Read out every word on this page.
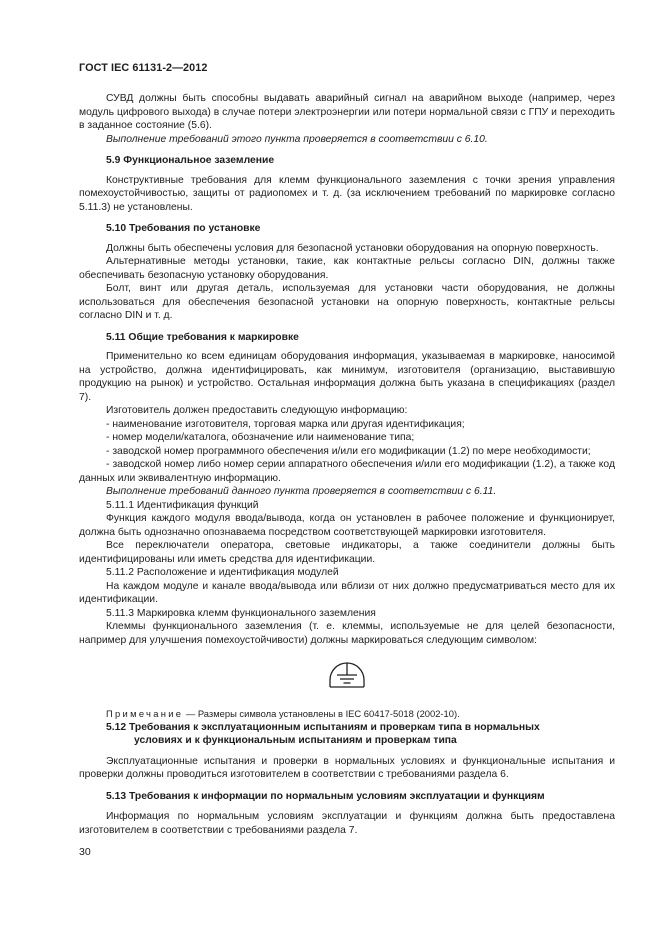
ГОСТ IEC 61131-2—2012

СУВД должны быть способны выдавать аварийный сигнал на аварийном выходе (например, через модуль цифрового выхода) в случае потери электроэнергии или потери нормальной связи с ГПУ и переходить в заданное состояние (5.6).

Выполнение требований этого пункта проверяется в соответствии с 6.10.

5.9 Функциональное заземление

Конструктивные требования для клемм функционального заземления с точки зрения управления помехоустойчивостью, защиты от радиопомех и т. д. (за исключением требований по маркировке согласно 5.11.3) не установлены.

5.10 Требования по установке

Должны быть обеспечены условия для безопасной установки оборудования на опорную поверхность.

Альтернативные методы установки, такие, как контактные рельсы согласно DIN, должны также обеспечивать безопасную установку оборудования.

Болт, винт или другая деталь, используемая для установки части оборудования, не должны использоваться для обеспечения безопасной установки на опорную поверхность, контактные рельсы согласно DIN и т. д.

5.11 Общие требования к маркировке

Применительно ко всем единицам оборудования информация, указываемая в маркировке, наносимой на устройство, должна идентифицировать, как минимум, изготовителя (организацию, выставившую продукцию на рынок) и устройство. Остальная информация должна быть указана в спецификациях (раздел 7).

Изготовитель должен предоставить следующую информацию:

- наименование изготовителя, торговая марка или другая идентификация;

- номер модели/каталога, обозначение или наименование типа;

- заводской номер программного обеспечения и/или его модификации (1.2) по мере необходимости;

- заводской номер либо номер серии аппаратного обеспечения и/или его модификации (1.2), а также код данных или эквивалентную информацию.

Выполнение требований данного пункта проверяется в соответствии с 6.11.

5.11.1 Идентификация функций

Функция каждого модуля ввода/вывода, когда он установлен в рабочее положение и функционирует, должна быть однозначно опознаваема посредством соответствующей маркировки изготовителя.

Все переключатели оператора, световые индикаторы, а также соединители должны быть идентифицированы или иметь средства для идентификации.

5.11.2 Расположение и идентификация модулей

На каждом модуле и канале ввода/вывода или вблизи от них должно предусматриваться место для их идентификации.

5.11.3 Маркировка клемм функционального заземления

Клеммы функционального заземления (т. е. клеммы, используемые не для целей безопасности, например для улучшения помехоустойчивости) должны маркироваться следующим символом:

Примечание — Размеры символа установлены в IEC 60417-5018 (2002-10).

5.12 Требования к эксплуатационным испытаниям и проверкам типа в нормальных
условиях и к функциональным испытаниям и проверкам типа

Эксплуатационные испытания и проверки в нормальных условиях и функциональные испытания и проверки должны проводиться изготовителем в соответствии с требованиями раздела 6.

5.13 Требования к информации по нормальным условиям эксплуатации и функциям

Информация по нормальным условиям эксплуатации и функциям должна быть предоставлена изготовителем в соответствии с требованиями раздела 7.

30
